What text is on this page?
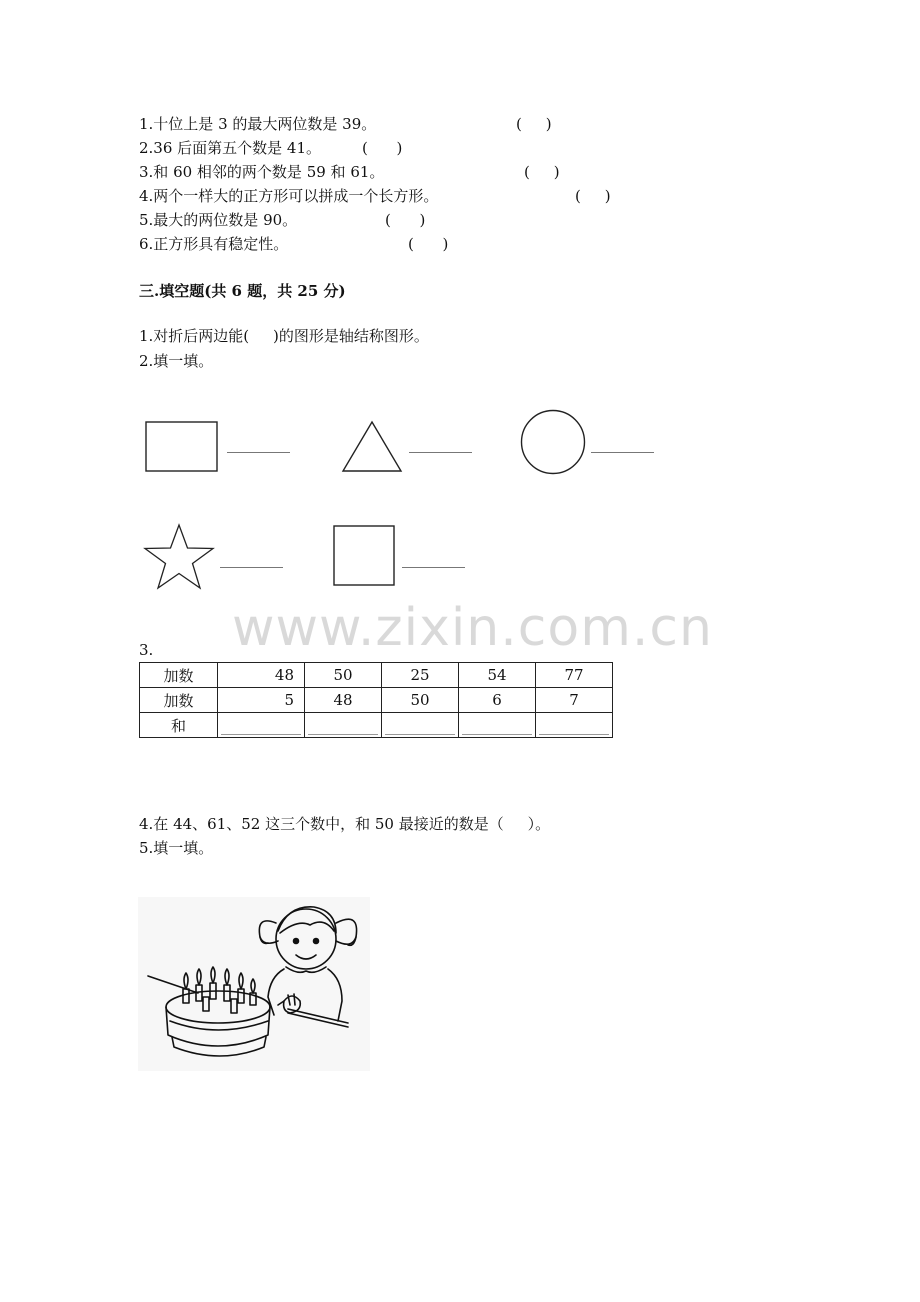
1.十位上是 3 的最大两位数是 39。	(     )
2.36 后面第五个数是 41。	(      )
3.和 60 相邻的两个数是 59 和 61。	(     )
4.两个一样大的正方形可以拼成一个长方形。	(     )
5.最大的两位数是 90。	(      )
6.正方形具有稳定性。	(      )
三.填空题(共 6 题，共 25 分)
1.对折后两边能(     )的图形是轴结称图形。
2.填一填。
www.zixin.com.cn
3.
加数	48	50	25	54	77
加数	5	48	50	6	7
和	

4.在 44、61、52 这三个数中，和 50 最接近的数是（     ）。
5.填一填。
